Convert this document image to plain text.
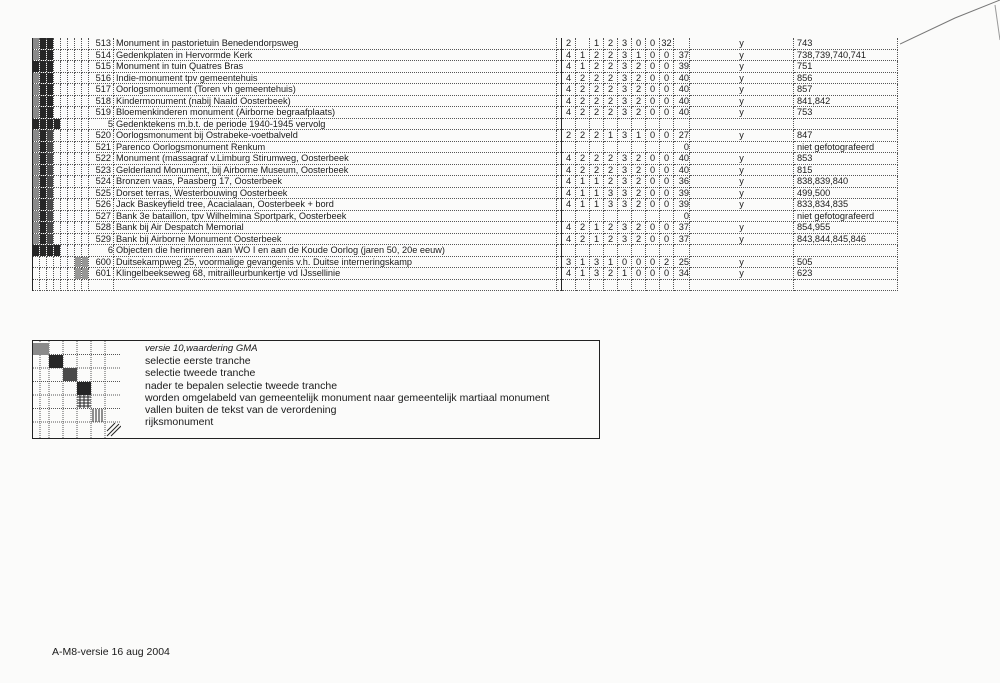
								513	Monument in pastorietuin Benedendorpsweg		2		1	2	3	0	0	32		y	743
								514	Gedenkplaten in Hervormde Kerk		4	1	2	2	3	1	0	0	37	y	738,739,740,741
								515	Monument in tuin Quatres Bras		4	1	2	2	3	2	0	0	39	y	751
								516	Indie-monument tpv gemeentehuis		4	2	2	2	3	2	0	0	40	y	856
								517	Oorlogsmonument (Toren vh gemeentehuis)		4	2	2	2	3	2	0	0	40	y	857
								518	Kindermonument (nabij Naald Oosterbeek)		4	2	2	2	3	2	0	0	40	y	841,842
								519	Bloemenkinderen monument (Airborne begraafplaats)		4	2	2	2	3	2	0	0	40	y	753
								5	Gedenktekens m.b.t. de periode 1940-1945 vervolg												
								520	Oorlogsmonument bij Ostrabeke-voetbalveld		2	2	2	1	3	1	0	0	27	y	847
								521	Parenco Oorlogsmonument Renkum										0		niet gefotografeerd
								522	Monument (massagraf v.Limburg Stirumweg, Oosterbeek		4	2	2	2	3	2	0	0	40	y	853
								523	Gelderland Monument, bij Airborne Museum, Oosterbeek		4	2	2	2	3	2	0	0	40	y	815
								524	Bronzen vaas, Paasberg 17, Oosterbeek		4	1	1	2	3	2	0	0	36	y	838,839,840
								525	Dorset terras, Westerbouwing Oosterbeek		4	1	1	3	3	2	0	0	39	y	499,500
								526	Jack Baskeyfield tree, Acacialaan, Oosterbeek + bord		4	1	1	3	3	2	0	0	39	y	833,834,835
								527	Bank 3e bataillon, tpv Wilhelmina Sportpark, Oosterbeek										0		niet gefotografeerd
								528	Bank bij Air Despatch Memorial		4	2	1	2	3	2	0	0	37	y	854,955
								529	Bank bij Airborne Monument Oosterbeek		4	2	1	2	3	2	0	0	37	y	843,844,845,846
								6	Objecten die herinneren aan WO I en aan de Koude Oorlog (jaren 50, 20e eeuw)												
								600	Duitsekampweg 25, voormalige gevangenis v.h. Duitse interneringskamp		3	1	3	1	0	0	0	2	25	y	505
								601	Klingelbeekseweg 68, mitrailleurbunkertje vd IJssellinie		4	1	3	2	1	0	0	0	34	y	623

versie 10,waardering GMA
selectie eerste tranche
selectie tweede tranche
nader te bepalen selectie tweede tranche
worden omgelabeld van gemeentelijk monument naar gemeentelijk martiaal monument
vallen buiten de tekst van de verordening
rijksmonument
A-M8-versie 16 aug 2004
